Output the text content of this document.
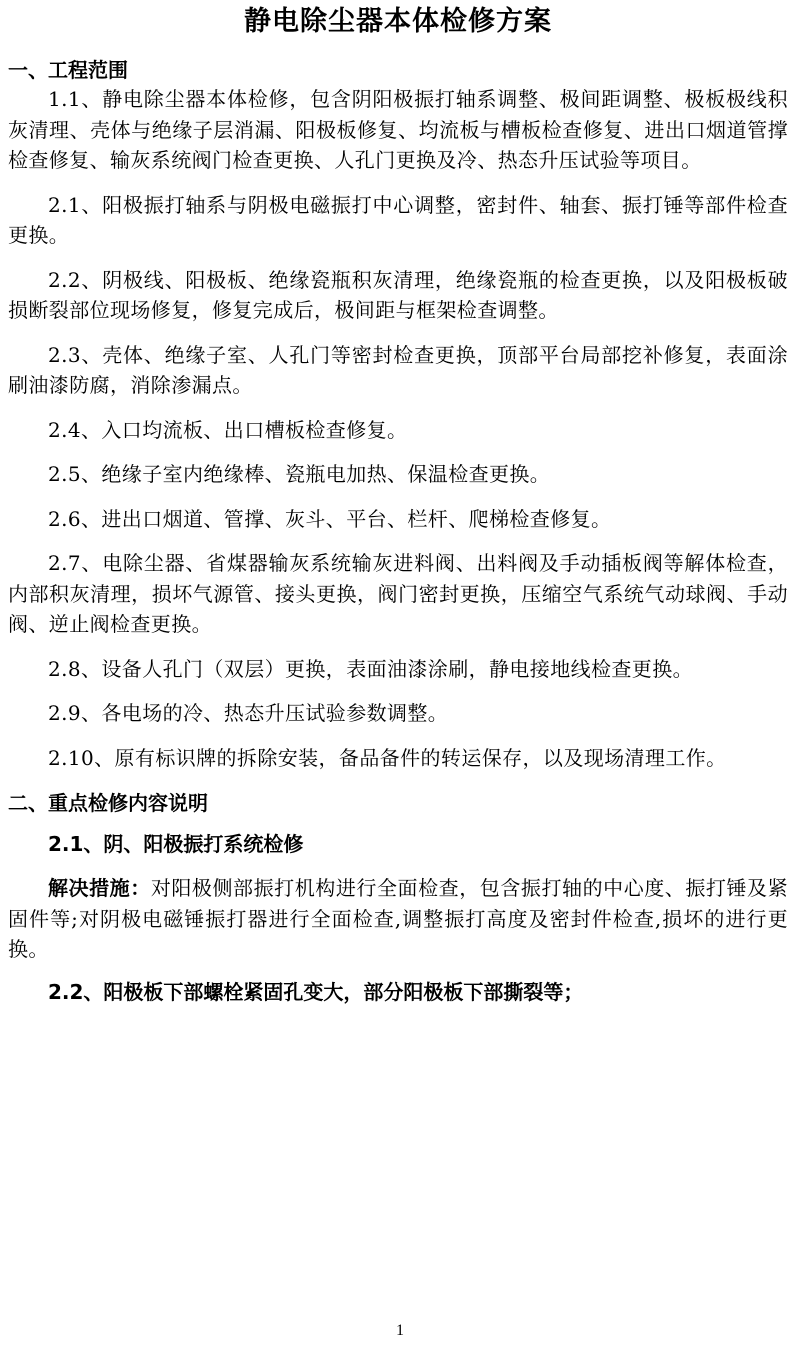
静电除尘器本体检修方案
一、工程范围

1.1、静电除尘器本体检修，包含阴阳极振打轴系调整、极间距调整、极板极线积灰清理、壳体与绝缘子层消漏、阳极板修复、均流板与槽板检查修复、进出口烟道管撑检查修复、输灰系统阀门检查更换、人孔门更换及冷、热态升压试验等项目。

2.1、阳极振打轴系与阴极电磁振打中心调整，密封件、轴套、振打锤等部件检查更换。

2.2、阴极线、阳极板、绝缘瓷瓶积灰清理，绝缘瓷瓶的检查更换，以及阳极板破损断裂部位现场修复，修复完成后，极间距与框架检查调整。

2.3、壳体、绝缘子室、人孔门等密封检查更换，顶部平台局部挖补修复，表面涂刷油漆防腐，消除渗漏点。

2.4、入口均流板、出口槽板检查修复。

2.5、绝缘子室内绝缘棒、瓷瓶电加热、保温检查更换。

2.6、进出口烟道、管撑、灰斗、平台、栏杆、爬梯检查修复。

2.7、电除尘器、省煤器输灰系统输灰进料阀、出料阀及手动插板阀等解体检查，内部积灰清理，损坏气源管、接头更换，阀门密封更换，压缩空气系统气动球阀、手动阀、逆止阀检查更换。

2.8、设备人孔门（双层）更换，表面油漆涂刷，静电接地线检查更换。

2.9、各电场的冷、热态升压试验参数调整。

2.10、原有标识牌的拆除安装，备品备件的转运保存，以及现场清理工作。

二、重点检修内容说明
2.1、阴、阳极振打系统检修

解决措施：对阳极侧部振打机构进行全面检查，包含振打轴的中心度、振打锤及紧固件等;对阴极电磁锤振打器进行全面检查,调整振打高度及密封件检查,损坏的进行更换。

2.2、阳极板下部螺栓紧固孔变大，部分阳极板下部撕裂等；
1
